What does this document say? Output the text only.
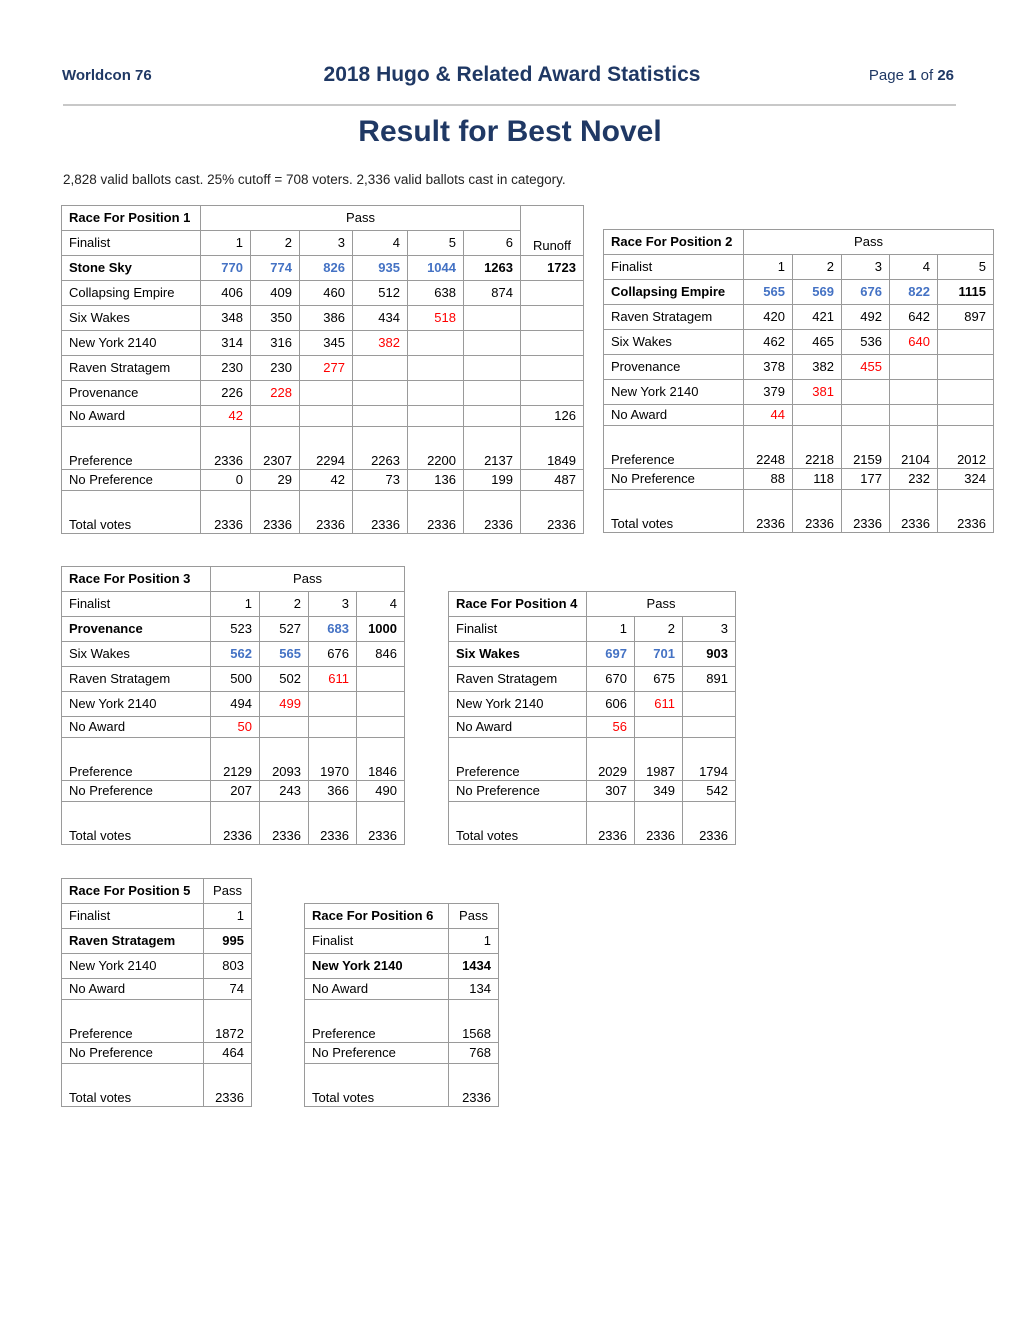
Worldcon 76	2018 Hugo & Related Award Statistics	Page 1 of 26
Result for Best Novel
2,828 valid ballots cast. 25% cutoff = 708 voters. 2,336 valid ballots cast in category.
Race For Position 1	Pass						Runoff
Finalist	1	2	3	4	5	6	
Stone Sky	770	774	826	935	1044	1263	1723
Collapsing Empire	406	409	460	512	638	874	
Six Wakes	348	350	386	434	518		
New York 2140	314	316	345	382			
Raven Stratagem	230	230	277				
Provenance	226	228					
No Award	42						126
Preference	2336	2307	2294	2263	2200	2137	1849
No Preference	0	29	42	73	136	199	487
Total votes	2336	2336	2336	2336	2336	2336	2336
Race For Position 2	Pass				
Finalist	1	2	3	4	5
Collapsing Empire	565	569	676	822	1115
Raven Stratagem	420	421	492	642	897
Six Wakes	462	465	536	640	
Provenance	378	382	455		
New York 2140	379	381			
No Award	44				
Preference	2248	2218	2159	2104	2012
No Preference	88	118	177	232	324
Total votes	2336	2336	2336	2336	2336
Race For Position 3	Pass			
Finalist	1	2	3	4
Provenance	523	527	683	1000
Six Wakes	562	565	676	846
Raven Stratagem	500	502	611	
New York 2140	494	499		
No Award	50			
Preference	2129	2093	1970	1846
No Preference	207	243	366	490
Total votes	2336	2336	2336	2336
Race For Position 4	Pass		
Finalist	1	2	3
Six Wakes	697	701	903
Raven Stratagem	670	675	891
New York 2140	606	611	
No Award	56		
Preference	2029	1987	1794
No Preference	307	349	542
Total votes	2336	2336	2336
Race For Position 5	Pass
Finalist	1
Raven Stratagem	995
New York 2140	803
No Award	74
Preference	1872
No Preference	464
Total votes	2336
Race For Position 6	Pass
Finalist	1
New York 2140	1434
No Award	134
Preference	1568
No Preference	768
Total votes	2336
